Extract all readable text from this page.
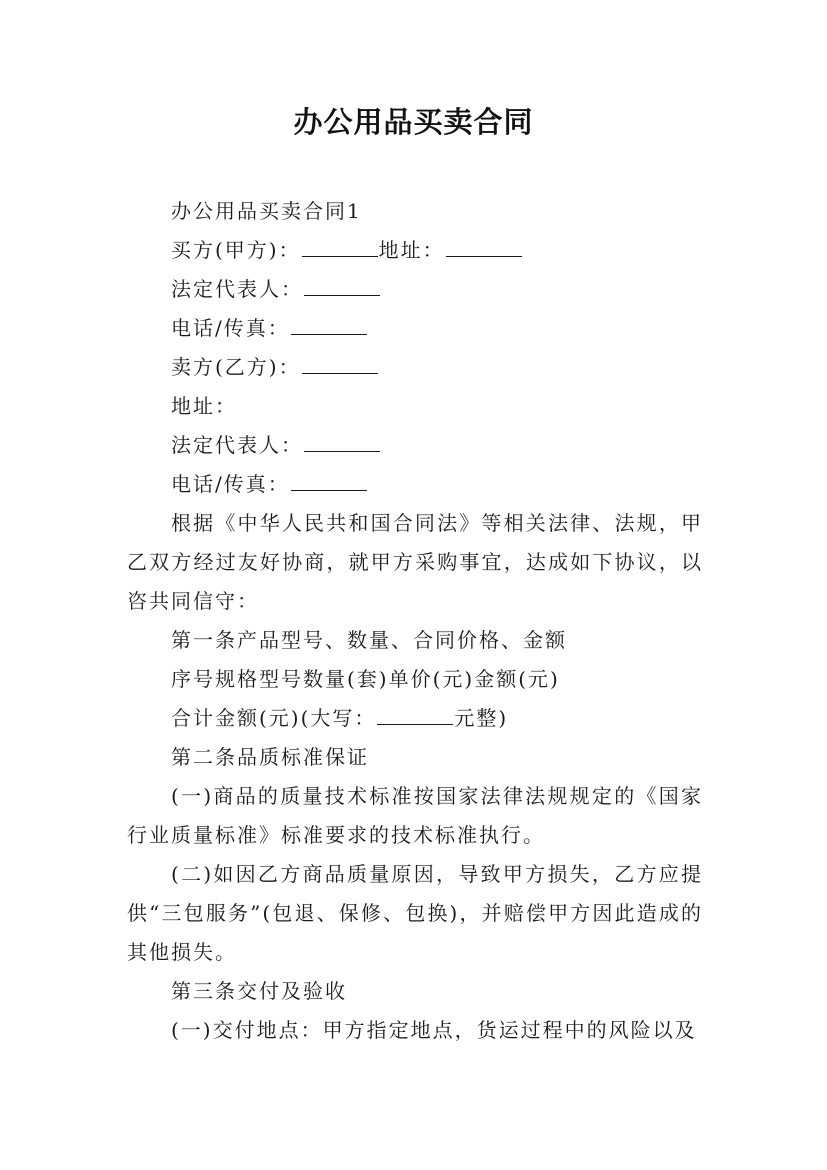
办公用品买卖合同

办公用品买卖合同1

买方(甲方)：	地址：

法定代表人：

电话/传真：

卖方(乙方)：

地址：

法定代表人：

电话/传真：

根据《中华人民共和国合同法》等相关法律、法规，甲乙双方经过友好协商，就甲方采购事宜，达成如下协议，以咨共同信守：

第一条产品型号、数量、合同价格、金额

序号规格型号数量(套)单价(元)金额(元)

合计金额(元)(大写：	元整)

第二条品质标准保证

(一)商品的质量技术标准按国家法律法规规定的《国家行业质量标准》标准要求的技术标准执行。

(二)如因乙方商品质量原因，导致甲方损失，乙方应提供“三包服务”(包退、保修、包换)，并赔偿甲方因此造成的其他损失。

第三条交付及验收

(一)交付地点：甲方指定地点，货运过程中的风险以及
